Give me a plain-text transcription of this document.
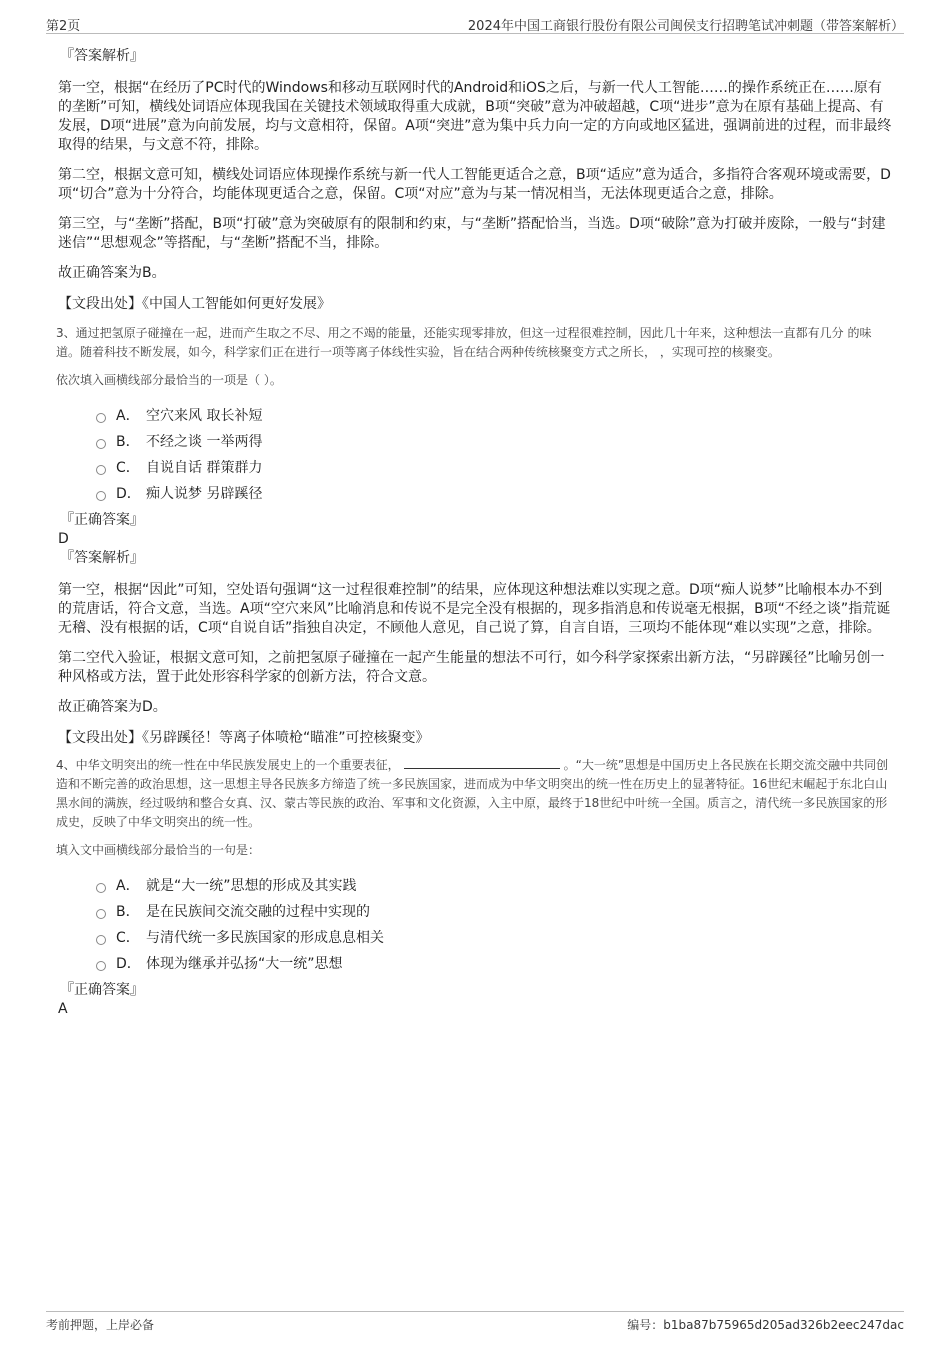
第2页	2024年中国工商银行股份有限公司闽侯支行招聘笔试冲刺题（带答案解析）

『答案解析』

第一空，根据“在经历了PC时代的Windows和移动互联网时代的Android和iOS之后，与新一代人工智能……的操作系统正在……原有的垄断”可知，横线处词语应体现我国在关键技术领域取得重大成就，B项“突破”意为冲破超越，C项“进步”意为在原有基础上提高、有发展，D项“进展”意为向前发展，均与文意相符，保留。A项“突进”意为集中兵力向一定的方向或地区猛进，强调前进的过程，而非最终取得的结果，与文意不符，排除。

第二空，根据文意可知，横线处词语应体现操作系统与新一代人工智能更适合之意，B项“适应”意为适合，多指符合客观环境或需要，D项“切合”意为十分符合，均能体现更适合之意，保留。C项“对应”意为与某一情况相当，无法体现更适合之意，排除。

第三空，与“垄断”搭配，B项“打破”意为突破原有的限制和约束，与“垄断”搭配恰当，当选。D项“破除”意为打破并废除，一般与“封建迷信”“思想观念”等搭配，与“垄断”搭配不当，排除。

故正确答案为B。

【文段出处】《中国人工智能如何更好发展》

3、通过把氢原子碰撞在一起，进而产生取之不尽、用之不竭的能量，还能实现零排放，但这一过程很难控制，因此几十年来，这种想法一直都有几分 的味道。随着科技不断发展，如今，科学家们正在进行一项等离子体线性实验，旨在结合两种传统核聚变方式之所长， ，实现可控的核聚变。

依次填入画横线部分最恰当的一项是（ ）。

A． 空穴来风 取长补短
B． 不经之谈 一举两得
C． 自说自话 群策群力
D． 痴人说梦 另辟蹊径

『正确答案』

D

『答案解析』

第一空，根据“因此”可知，空处语句强调“这一过程很难控制”的结果，应体现这种想法难以实现之意。D项“痴人说梦”比喻根本办不到的荒唐话，符合文意，当选。A项“空穴来风”比喻消息和传说不是完全没有根据的，现多指消息和传说毫无根据，B项“不经之谈”指荒诞无稽、没有根据的话，C项“自说自话”指独自决定，不顾他人意见，自己说了算，自言自语，三项均不能体现“难以实现”之意，排除。

第二空代入验证，根据文意可知，之前把氢原子碰撞在一起产生能量的想法不可行，如今科学家探索出新方法，“另辟蹊径”比喻另创一种风格或方法，置于此处形容科学家的创新方法，符合文意。

故正确答案为D。

【文段出处】《另辟蹊径！等离子体喷枪“瞄准”可控核聚变》

4、中华文明突出的统一性在中华民族发展史上的一个重要表征，	。“大一统”思想是中国历史上各民族在长期交流交融中共同创造和不断完善的政治思想，这一思想主导各民族多方缔造了统一多民族国家，进而成为中华文明突出的统一性在历史上的显著特征。16世纪末崛起于东北白山黑水间的满族，经过吸纳和整合女真、汉、蒙古等民族的政治、军事和文化资源，入主中原，最终于18世纪中叶统一全国。质言之，清代统一多民族国家的形成史，反映了中华文明突出的统一性。

填入文中画横线部分最恰当的一句是：

A． 就是“大一统”思想的形成及其实践
B． 是在民族间交流交融的过程中实现的
C． 与清代统一多民族国家的形成息息相关
D． 体现为继承并弘扬“大一统”思想

『正确答案』

A

考前押题，上岸必备	编号：b1ba87b75965d205ad326b2eec247dac
